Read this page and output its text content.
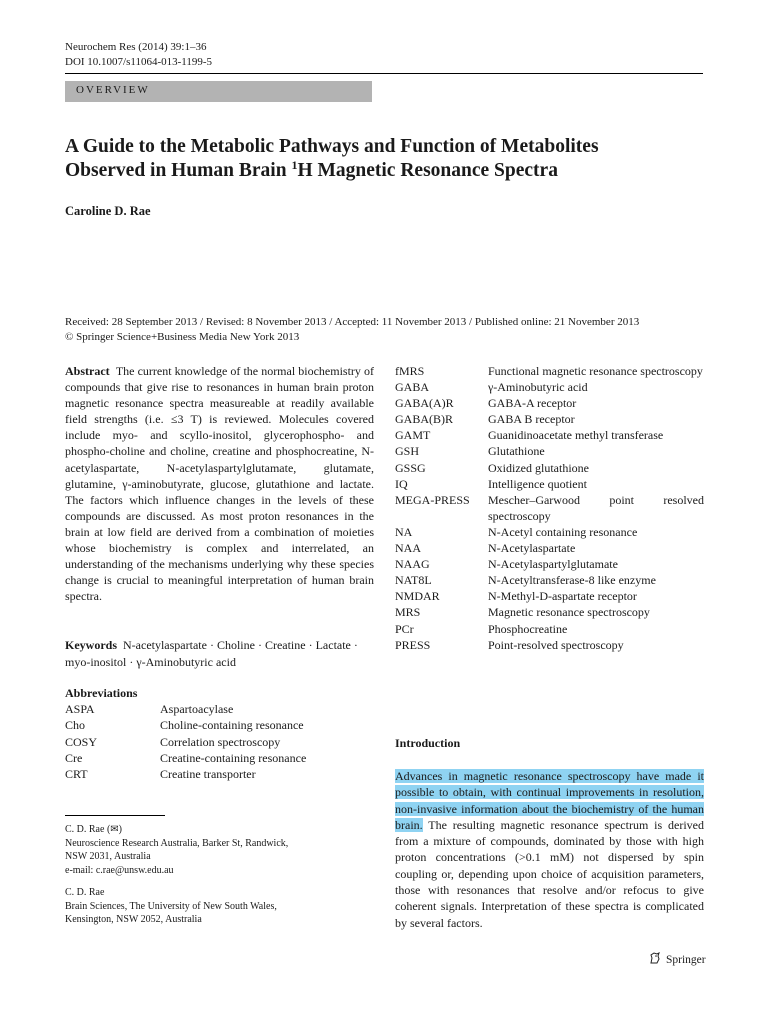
Neurochem Res (2014) 39:1–36
DOI 10.1007/s11064-013-1199-5
OVERVIEW
A Guide to the Metabolic Pathways and Function of Metabolites
Observed in Human Brain $^1$H Magnetic Resonance Spectra
Caroline D. Rae
Received: 28 September 2013 / Revised: 8 November 2013 / Accepted: 11 November 2013 / Published online: 21 November 2013
© Springer Science+Business Media New York 2013
Abstract The current knowledge of the normal biochemistry of compounds that give rise to resonances in human brain proton magnetic resonance spectra measureable at readily available field strengths (i.e. ≤3 T) is reviewed. Molecules covered include myo- and scyllo-inositol, glycerophospho- and phospho-choline and choline, creatine and phosphocreatine, N-acetylaspartate, N-acetylaspartylglutamate, glutamate, glutamine, γ-aminobutyrate, glucose, glutathione and lactate. The factors which influence changes in the levels of these compounds are discussed. As most proton resonances in the brain at low field are derived from a combination of moieties whose biochemistry is complex and interrelated, an understanding of the mechanisms underlying why these species change is crucial to meaningful interpretation of human brain spectra.
Keywords N-acetylaspartate · Choline · Creatine · Lactate · myo-inositol · γ-Aminobutyric acid
Abbreviations
ASPA	Aspartoacylase
Cho	Choline-containing resonance
COSY	Correlation spectroscopy
Cre	Creatine-containing resonance
CRT	Creatine transporter
C. D. Rae (✉)
Neuroscience Research Australia, Barker St, Randwick,
NSW 2031, Australia
e-mail: c.rae@unsw.edu.au
C. D. Rae
Brain Sciences, The University of New South Wales,
Kensington, NSW 2052, Australia
fMRS	Functional magnetic resonance spectroscopy
GABA	γ-Aminobutyric acid
GABA(A)R	GABA-A receptor
GABA(B)R	GABA B receptor
GAMT	Guanidinoacetate methyl transferase
GSH	Glutathione
GSSG	Oxidized glutathione
IQ	Intelligence quotient
MEGA-PRESS	Mescher–Garwood point resolved spectroscopy
NA	N-Acetyl containing resonance
NAA	N-Acetylaspartate
NAAG	N-Acetylaspartylglutamate
NAT8L	N-Acetyltransferase-8 like enzyme
NMDAR	N-Methyl-D-aspartate receptor
MRS	Magnetic resonance spectroscopy
PCr	Phosphocreatine
PRESS	Point-resolved spectroscopy
Introduction
Advances in magnetic resonance spectroscopy have made it possible to obtain, with continual improvements in resolution, non-invasive information about the biochemistry of the human brain. The resulting magnetic resonance spectrum is derived from a mixture of compounds, dominated by those with high proton concentrations (>0.1 mM) not dispersed by spin coupling or, depending upon choice of acquisition parameters, those with resonances that resolve and/or refocus to give coherent signals. Interpretation of these spectra is complicated by several factors.
Springer
